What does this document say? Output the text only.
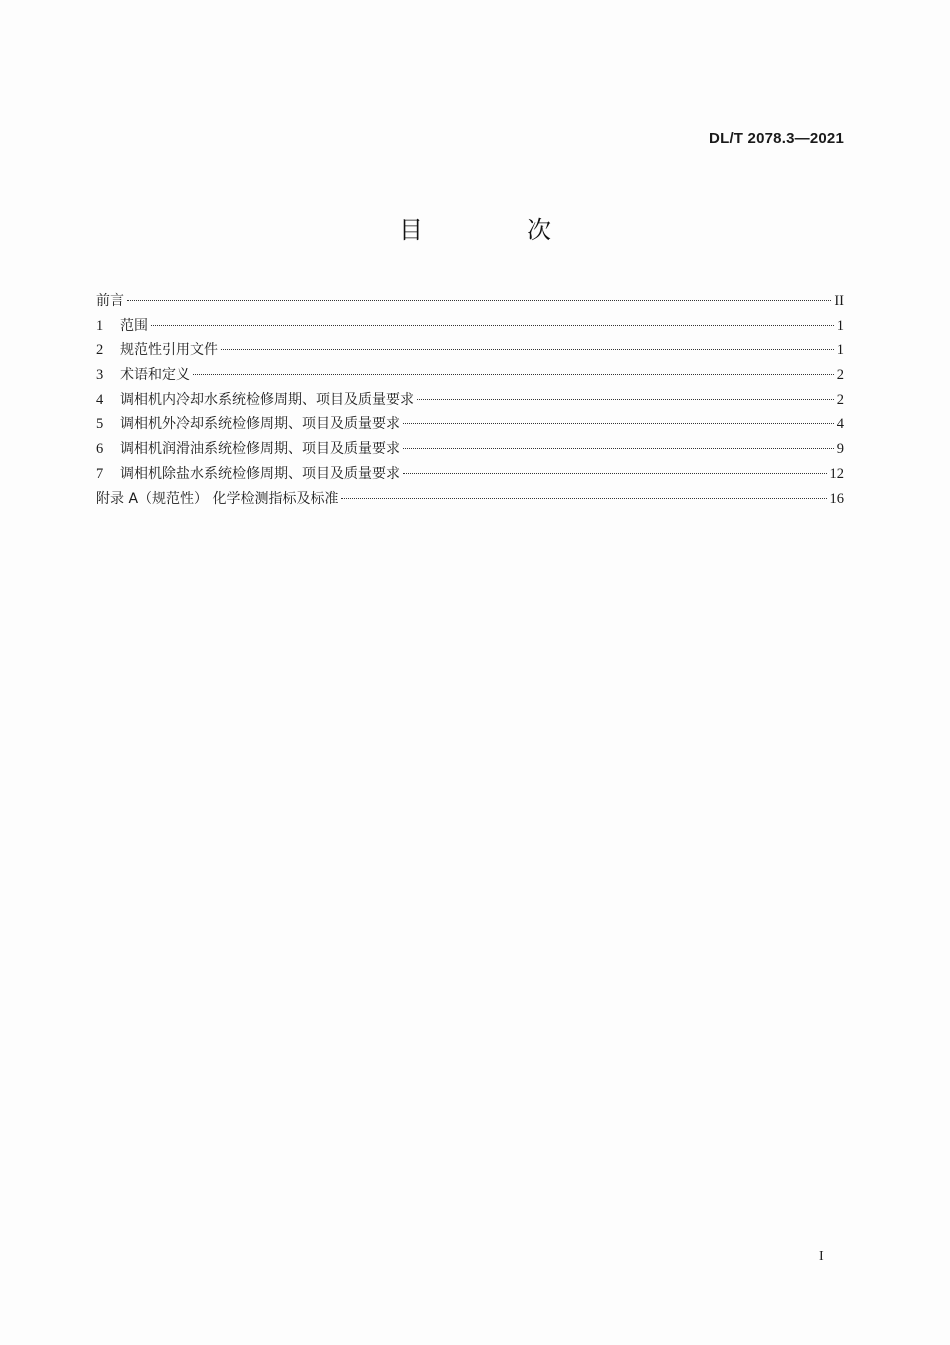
DL/T 2078.3—2021
目　次
前言	II
1	范围	1
2	规范性引用文件	1
3	术语和定义	2
4	调相机内冷却水系统检修周期、项目及质量要求	2
5	调相机外冷却系统检修周期、项目及质量要求	4
6	调相机润滑油系统检修周期、项目及质量要求	9
7	调相机除盐水系统检修周期、项目及质量要求	12
附录 A（规范性） 化学检测指标及标准	16
I
